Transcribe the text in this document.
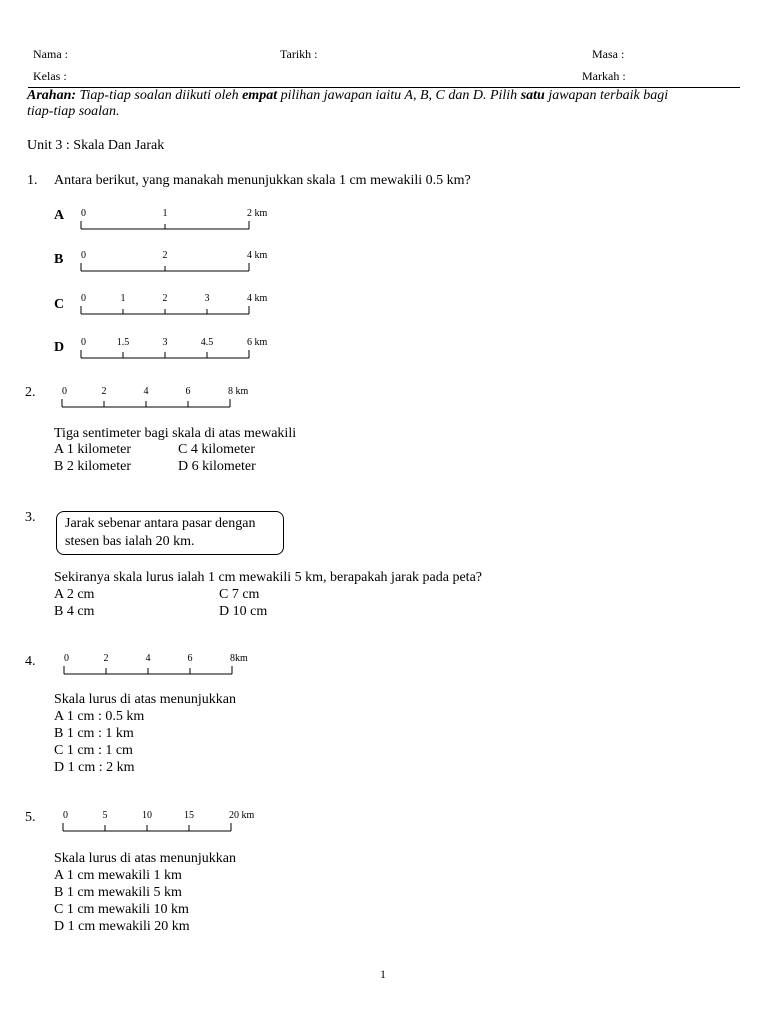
Nama :	Tarikh :	Masa :
Kelas :	Markah :
Arahan: Tiap-tiap soalan diikuti oleh empat pilihan jawapan iaitu A, B, C dan D. Pilih satu jawapan terbaik bagi
tiap-tiap soalan.
Unit 3 : Skala Dan Jarak
1. Antara berikut, yang manakah menunjukkan skala 1 cm mewakili 0.5 km?
A 0	1	2 km
B 0	2	4 km
C 0	1	2	3	4 km
D 0	1.5	3	4.5	6 km
2.	0	2	4	6	8 km
Tiga sentimeter bagi skala di atas mewakili
A 1 kilometer	C 4 kilometer
B 2 kilometer	D 6 kilometer
3. Jarak sebenar antara pasar dengan
stesen bas ialah 20 km.
Sekiranya skala lurus ialah 1 cm mewakili 5 km, berapakah jarak pada peta?
A 2 cm	C 7 cm
B 4 cm	D 10 cm
4.	0	2	4	6	8km
Skala lurus di atas menunjukkan
A 1 cm : 0.5 km
B 1 cm : 1 km
C 1 cm : 1 cm
D 1 cm : 2 km
5.	0	5	10	15	20 km
Skala lurus di atas menunjukkan
A 1 cm mewakili 1 km
B 1 cm mewakili 5 km
C 1 cm mewakili 10 km
D 1 cm mewakili 20 km
1
